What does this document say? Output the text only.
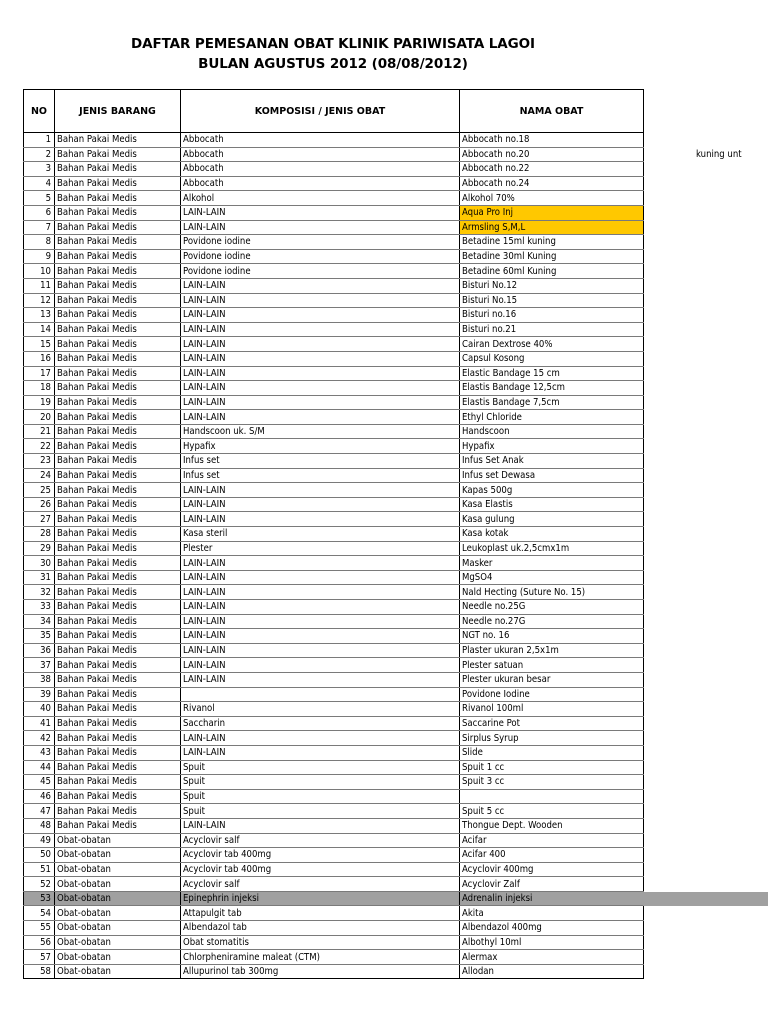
DAFTAR PEMESANAN OBAT KLINIK PARIWISATA LAGOI
BULAN AGUSTUS 2012 (08/08/2012)
NO	JENIS BARANG	KOMPOSISI / JENIS OBAT	NAMA OBAT
1	Bahan Pakai Medis	Abbocath	Abbocath no.18
2	Bahan Pakai Medis	Abbocath	Abbocath no.20
3	Bahan Pakai Medis	Abbocath	Abbocath no.22
4	Bahan Pakai Medis	Abbocath	Abbocath no.24
5	Bahan Pakai Medis	Alkohol	Alkohol 70%
6	Bahan Pakai Medis	LAIN-LAIN	Aqua Pro Inj
7	Bahan Pakai Medis	LAIN-LAIN	Armsling S,M,L
8	Bahan Pakai Medis	Povidone iodine	Betadine 15ml kuning
9	Bahan Pakai Medis	Povidone iodine	Betadine 30ml Kuning
10	Bahan Pakai Medis	Povidone iodine	Betadine 60ml Kuning
11	Bahan Pakai Medis	LAIN-LAIN	Bisturi No.12
12	Bahan Pakai Medis	LAIN-LAIN	Bisturi No.15
13	Bahan Pakai Medis	LAIN-LAIN	Bisturi no.16
14	Bahan Pakai Medis	LAIN-LAIN	Bisturi no.21
15	Bahan Pakai Medis	LAIN-LAIN	Cairan Dextrose 40%
16	Bahan Pakai Medis	LAIN-LAIN	Capsul Kosong
17	Bahan Pakai Medis	LAIN-LAIN	Elastic Bandage 15 cm
18	Bahan Pakai Medis	LAIN-LAIN	Elastis Bandage 12,5cm
19	Bahan Pakai Medis	LAIN-LAIN	Elastis Bandage 7,5cm
20	Bahan Pakai Medis	LAIN-LAIN	Ethyl Chloride
21	Bahan Pakai Medis	Handscoon uk. S/M	Handscoon
22	Bahan Pakai Medis	Hypafix	Hypafix
23	Bahan Pakai Medis	Infus set	Infus Set Anak
24	Bahan Pakai Medis	Infus set	Infus set Dewasa
25	Bahan Pakai Medis	LAIN-LAIN	Kapas 500g
26	Bahan Pakai Medis	LAIN-LAIN	Kasa Elastis
27	Bahan Pakai Medis	LAIN-LAIN	Kasa gulung
28	Bahan Pakai Medis	Kasa steril	Kasa kotak
29	Bahan Pakai Medis	Plester	Leukoplast uk.2,5cmx1m
30	Bahan Pakai Medis	LAIN-LAIN	Masker
31	Bahan Pakai Medis	LAIN-LAIN	MgSO4
32	Bahan Pakai Medis	LAIN-LAIN	Nald Hecting (Suture No. 15)
33	Bahan Pakai Medis	LAIN-LAIN	Needle no.25G
34	Bahan Pakai Medis	LAIN-LAIN	Needle no.27G
35	Bahan Pakai Medis	LAIN-LAIN	NGT no. 16
36	Bahan Pakai Medis	LAIN-LAIN	Plaster ukuran 2,5x1m
37	Bahan Pakai Medis	LAIN-LAIN	Plester satuan
38	Bahan Pakai Medis	LAIN-LAIN	Plester ukuran besar
39	Bahan Pakai Medis		Povidone Iodine
40	Bahan Pakai Medis	Rivanol	Rivanol 100ml
41	Bahan Pakai Medis	Saccharin	Saccarine Pot
42	Bahan Pakai Medis	LAIN-LAIN	Sirplus Syrup
43	Bahan Pakai Medis	LAIN-LAIN	Slide
44	Bahan Pakai Medis	Spuit	Spuit 1 cc
45	Bahan Pakai Medis	Spuit	Spuit 3 cc
46	Bahan Pakai Medis	Spuit	
47	Bahan Pakai Medis	Spuit	Spuit 5 cc
48	Bahan Pakai Medis	LAIN-LAIN	Thongue Dept. Wooden
49	Obat-obatan	Acyclovir salf	Acifar
50	Obat-obatan	Acyclovir tab 400mg	Acifar 400
51	Obat-obatan	Acyclovir tab 400mg	Acyclovir 400mg
52	Obat-obatan	Acyclovir salf	Acyclovir Zalf
53	Obat-obatan	Epinephrin injeksi	Adrenalin injeksi
54	Obat-obatan	Attapulgit tab	Akita
55	Obat-obatan	Albendazol tab	Albendazol 400mg
56	Obat-obatan	Obat stomatitis	Albothyl 10ml
57	Obat-obatan	Chlorpheniramine maleat (CTM)	Alermax
58	Obat-obatan	Allupurinol tab 300mg	Allodan
kuning unt
